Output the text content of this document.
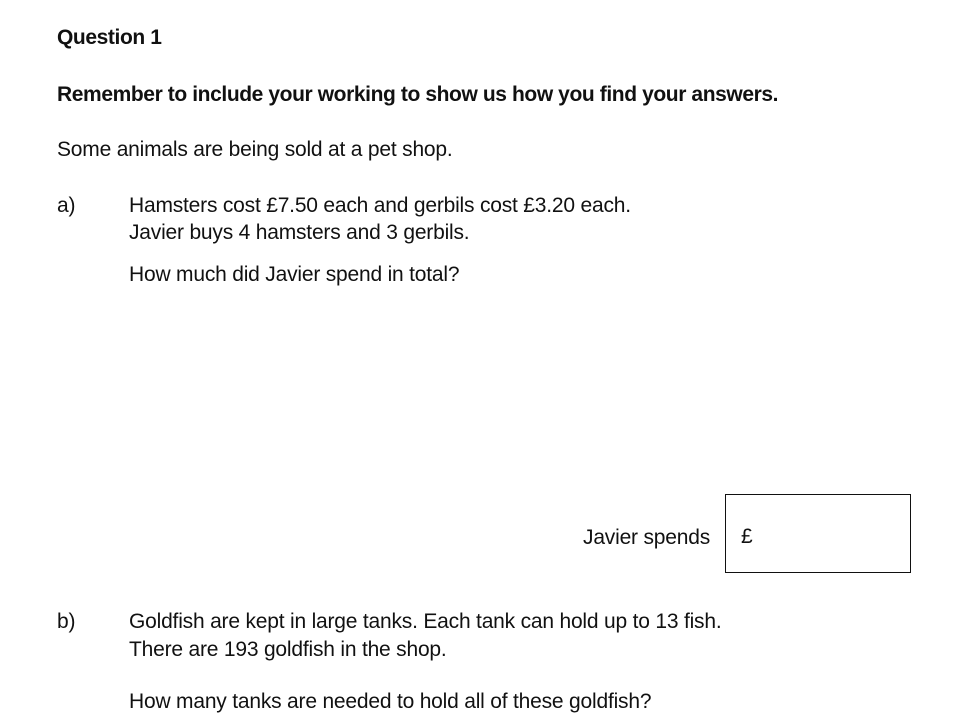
Question 1
Remember to include your working to show us how you find your answers.
Some animals are being sold at a pet shop.
a)	Hamsters cost £7.50 each and gerbils cost £3.20 each.
Javier buys 4 hamsters and 3 gerbils.
How much did Javier spend in total?
Javier spends £
b)	Goldfish are kept in large tanks. Each tank can hold up to 13 fish.
There are 193 goldfish in the shop.
How many tanks are needed to hold all of these goldfish?
